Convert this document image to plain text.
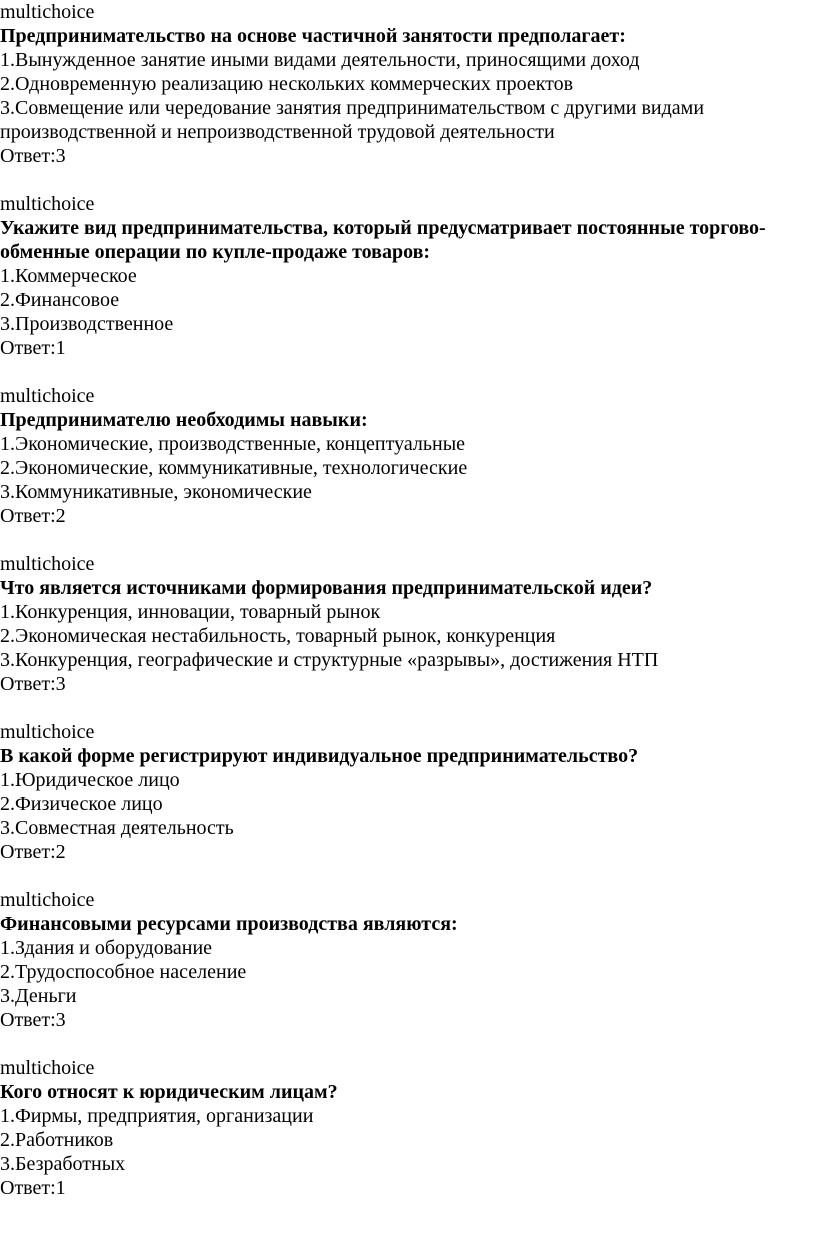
multichoice
Предпринимательство на основе частичной занятости предполагает:
1.Вынужденное занятие иными видами деятельности, приносящими доход
2.Одновременную реализацию нескольких коммерческих проектов
3.Совмещение или чередование занятия предпринимательством с другими видами производственной и непроизводственной трудовой деятельности
Ответ:3
multichoice
Укажите вид предпринимательства, который предусматривает постоянные торгово-обменные операции по купле-продаже товаров:
1.Коммерческое
2.Финансовое
3.Производственное
Ответ:1
multichoice
Предпринимателю необходимы навыки:
1.Экономические, производственные, концептуальные
2.Экономические, коммуникативные, технологические
3.Коммуникативные, экономические
Ответ:2
multichoice
Что является источниками формирования предпринимательской идеи?
1.Конкуренция, инновации, товарный рынок
2.Экономическая нестабильность, товарный рынок, конкуренция
3.Конкуренция, географические и структурные «разрывы», достижения НТП
Ответ:3
multichoice
В какой форме регистрируют индивидуальное предпринимательство?
1.Юридическое лицо
2.Физическое лицо
3.Совместная деятельность
Ответ:2
multichoice
Финансовыми ресурсами производства являются:
1.Здания и оборудование
2.Трудоспособное население
3.Деньги
Ответ:3
multichoice
Кого относят к юридическим лицам?
1.Фирмы, предприятия, организации
2.Работников
3.Безработных
Ответ:1
